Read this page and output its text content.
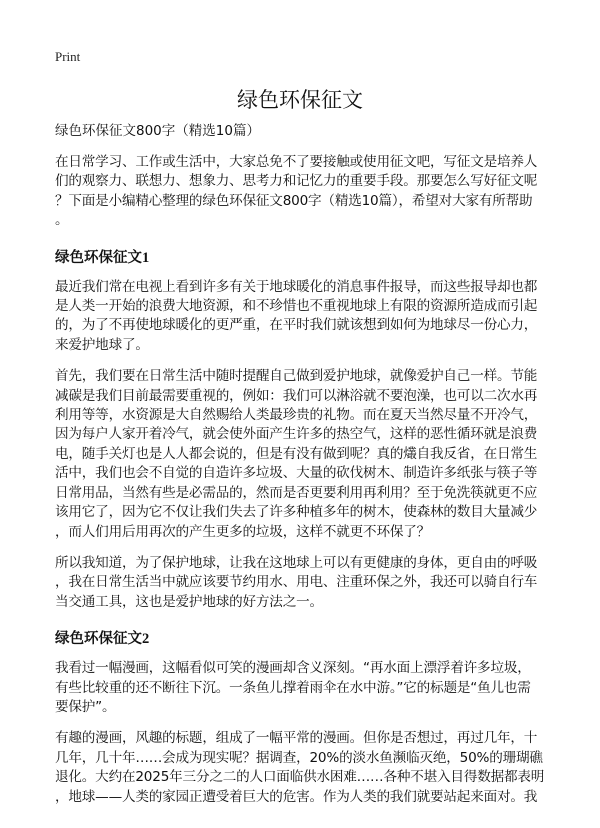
Print
绿色环保征文
绿色环保征文800字（精选10篇）
在日常学习、工作或生活中，大家总免不了要接触或使用征文吧，写征文是培养人
们的观察力、联想力、想象力、思考力和记忆力的重要手段。那要怎么写好征文呢
？下面是小编精心整理的绿色环保征文800字（精选10篇），希望对大家有所帮助
。
绿色环保征文1
最近我们常在电视上看到许多有关于地球暖化的消息事件报导，而这些报导却也都
是人类一开始的浪费大地资源，和不珍惜也不重视地球上有限的资源所造成而引起
的，为了不再使地球暖化的更严重，在平时我们就该想到如何为地球尽一份心力，
来爱护地球了。
首先，我们要在日常生活中随时提醒自己做到爱护地球，就像爱护自己一样。节能
减碳是我们目前最需要重视的，例如：我们可以淋浴就不要泡澡，也可以二次水再
利用等等，水资源是大自然赐给人类最珍贵的礼物。而在夏天当然尽量不开冷气，
因为每户人家开着冷气，就会使外面产生许多的热空气，这样的恶性循环就是浪费
电，随手关灯也是人人都会说的，但是有没有做到呢？真的爜自我反省，在日常生
活中，我们也会不自觉的自造许多垃圾、大量的砍伐树木、制造许多纸张与筷子等
日常用品，当然有些是必需品的，然而是否更要利用再利用？至于免洗筷就更不应
该用它了，因为它不仅让我们失去了许多种植多年的树木，使森林的数目大量减少
，而人们用后用再次的产生更多的垃圾，这样不就更不环保了？
所以我知道，为了保护地球，让我在这地球上可以有更健康的身体，更自由的呼吸
，我在日常生活当中就应该要节约用水、用电、注重环保之外，我还可以骑自行车
当交通工具，这也是爱护地球的好方法之一。
绿色环保征文2
我看过一幅漫画，这幅看似可笑的漫画却含义深刻。“再水面上漂浮着许多垃圾，
有些比较重的还不断往下沉。一条鱼儿撑着雨伞在水中游。”它的标题是“鱼儿也需
要保护”。
有趣的漫画，风趣的标题，组成了一幅平常的漫画。但你是否想过，再过几年，十
几年，几十年……会成为现实呢？据调查，20%的淡水鱼濒临灭绝，50%的珊瑚礁
退化。大约在2025年三分之二的人口面临供水困难……各种不堪入目得数据都表明
，地球——人类的家园正遭受着巨大的危害。作为人类的我们就要站起来面对。我
